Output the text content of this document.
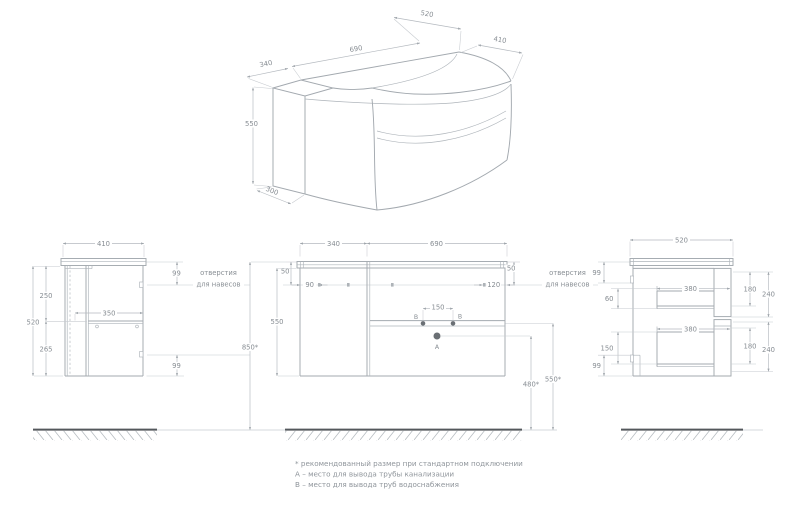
520
690
410
340
550
300
410
520
250
265
350
99
99
отверстия
для навесов
В	В
А
340	690
50
90
50
120
550
850*
150
480*
550*
отверстия
для навесов
520
99
60
150
99
380
380
180
240
180 240
* рекомендованный размер при стандартном подключении
А – место для вывода трубы канализации
В – место для вывода труб водоснабжения
